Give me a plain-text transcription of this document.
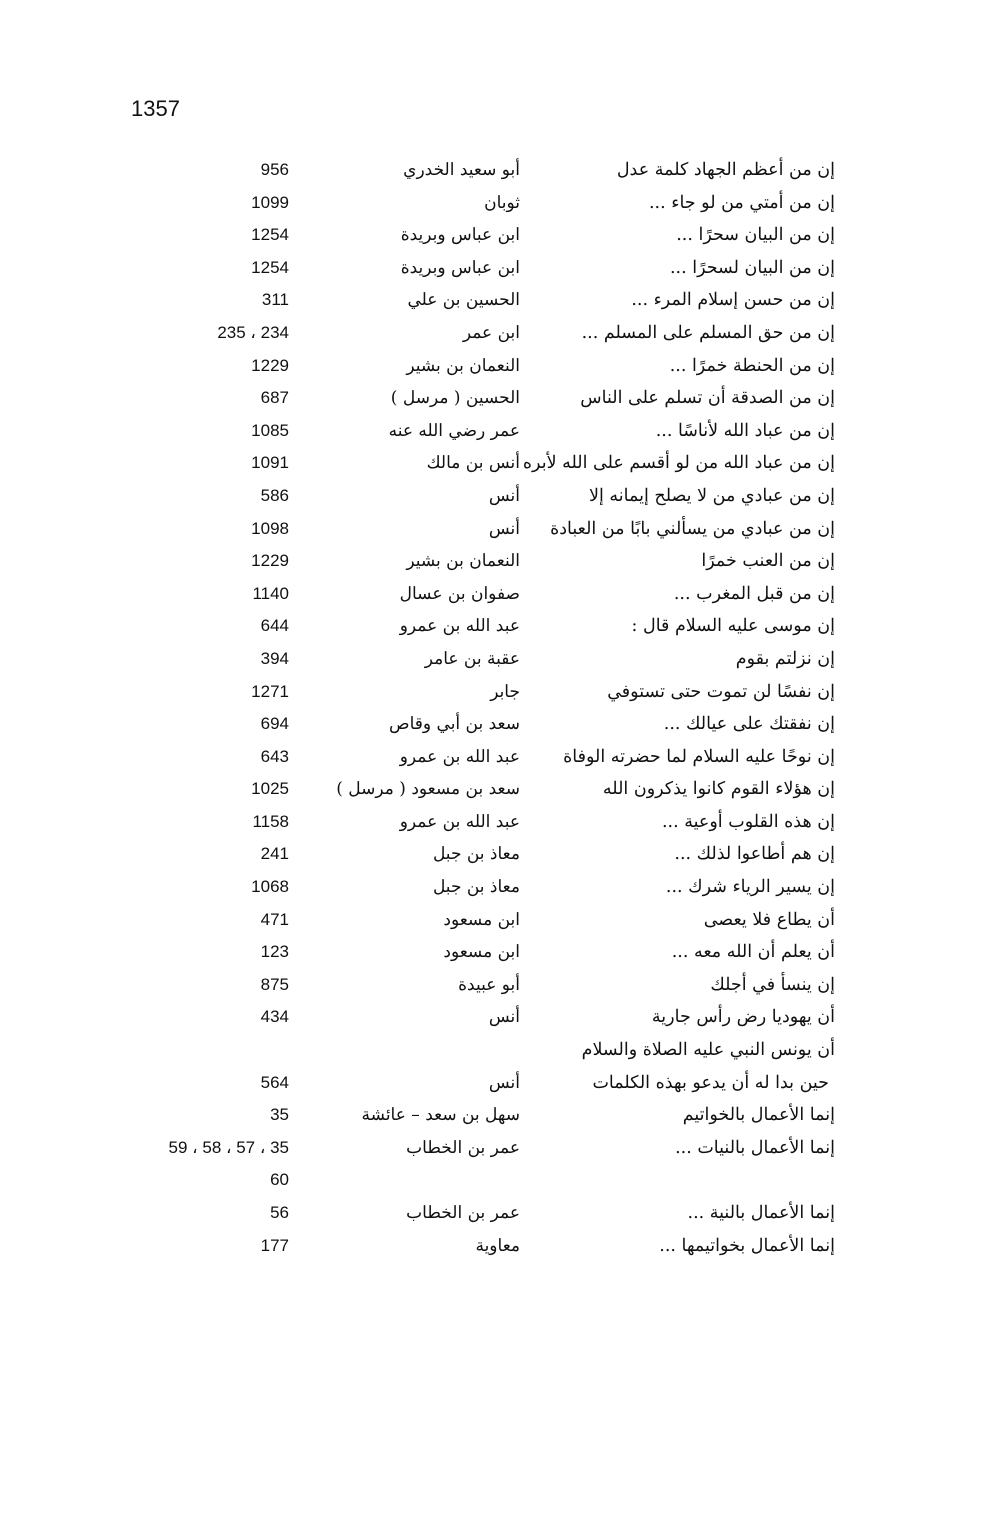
1357
إن من أعظم الجهاد كلمة عدل
أبو سعيد الخدري
956
إن من أمتي من لو جاء ...
ثوبان
1099
إن من البيان سحرًا ...
ابن عباس وبريدة
1254
إن من البيان لسحرًا ...
ابن عباس وبريدة
1254
إن من حسن إسلام المرء ...
الحسين بن علي
311
إن من حق المسلم على المسلم ...
ابن عمر
234 ، 235
إن من الحنطة خمرًا ...
النعمان بن بشير
1229
إن من الصدقة أن تسلم على الناس
الحسين ( مرسل )
687
إن من عباد الله لأناسًا ...
عمر رضي الله عنه
1085
إن من عباد الله من لو أقسم على الله لأبره
أنس بن مالك
1091
إن من عبادي من لا يصلح إيمانه إلا
أنس
586
إن من عبادي من يسألني بابًا من العبادة
أنس
1098
إن من العنب خمرًا
النعمان بن بشير
1229
إن من قبل المغرب ...
صفوان بن عسال
1140
إن موسى عليه السلام قال :
عبد الله بن عمرو
644
إن نزلتم بقوم
عقبة بن عامر
394
إن نفسًا لن تموت حتى تستوفي
جابر
1271
إن نفقتك على عيالك ...
سعد بن أبي وقاص
694
إن نوحًا عليه السلام لما حضرته الوفاة
عبد الله بن عمرو
643
إن هؤلاء القوم كانوا يذكرون الله
سعد بن مسعود ( مرسل )
1025
إن هذه القلوب أوعية ...
عبد الله بن عمرو
1158
إن هم أطاعوا لذلك ...
معاذ بن جبل
241
إن يسير الرياء شرك ...
معاذ بن جبل
1068
أن يطاع فلا يعصى
ابن مسعود
471
أن يعلم أن الله معه ...
ابن مسعود
123
إن ينسأ في أجلك
أبو عبيدة
875
أن يهوديا رض رأس جارية
أنس
434
أن يونس النبي عليه الصلاة والسلام
حين بدا له أن يدعو بهذه الكلمات
أنس
564
إنما الأعمال بالخواتيم
سهل بن سعد – عائشة
35
إنما الأعمال بالنيات ...
عمر بن الخطاب
35 ، 57 ، 58 ، 59
60
إنما الأعمال بالنية ...
عمر بن الخطاب
56
إنما الأعمال بخواتيمها ...
معاوية
177
